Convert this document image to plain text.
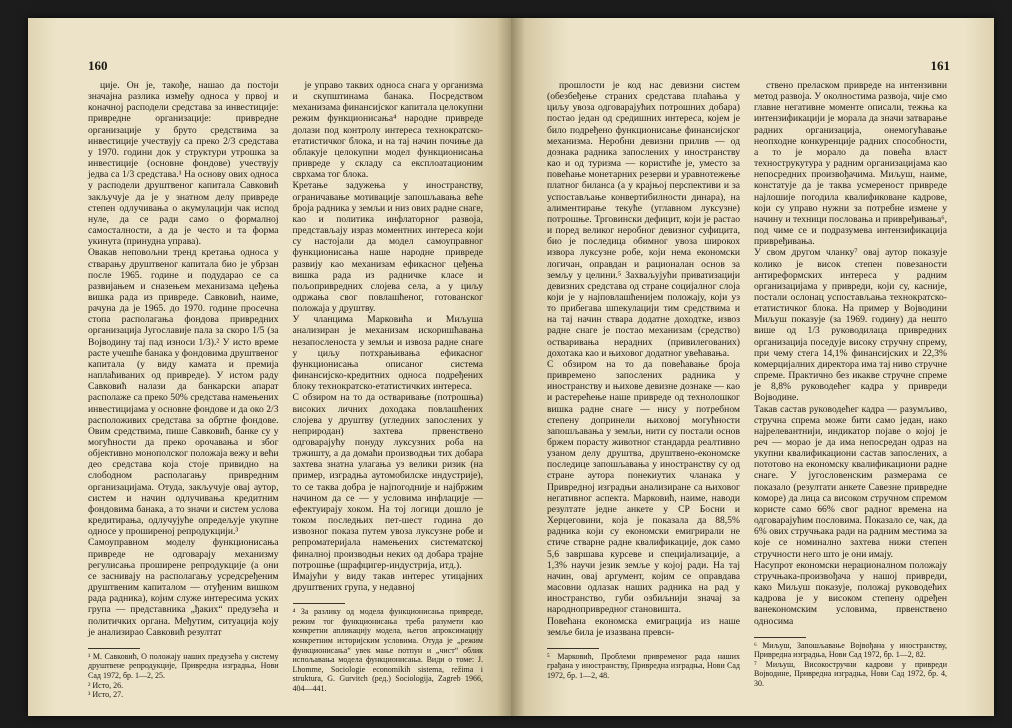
160

ције. Он је, такође, нашао да постоји значајна разлика између односа у првој и коначној расподели средстава за инвестиције: привредне организације: привредне организације у бруто средствима за инвестиције учествују са преко 2/3 средстава у 1970. години док у структури утрошка за инвестиције (основне фондове) учествују једва са 1/3 средстава.¹ На основу ових односа у расподели друштвеног капитала Савковић закључује да је у знатном делу привреде степен одлучивања о акумулацији чак испод нуле, да се ради само о формалној самосталности, а да је често и та форма укинута (принудна управа).
Овакав неповољни тренд кретања односа у стварању друштвеног капитала био је убрзан после 1965. године и подударао се са развијањем и сназењем механизама цеђења вишка рада из привреде. Савковић, наиме, рачуна да је 1965. до 1970. године просечна стопа располагања фондова привредних организација Југославије пала за скоро 1/5 (за Војводину тај пад износи 1/3).² У исто време расте учешће банака у фондовима друштвеног капитала (у виду камата и премија наплаћиваних од привреде). У истом раду Савковић налази да банкарски апарат располаже са преко 50% средстава намењених инвестицијама у основне фондове и да око 2/3 расположивих средстава за обртне фондове. Овим средствима, пише Савковић, банке су у могућности да преко орочавања и због објективно монополског положаја вежу и већи део средстава која стоје привидно на слободном располагању привредним организацијама. Отуда, закључује овај аутор, систем и начин одлучивања кредитним фондовима банака, а то значи и систем услова кредитирања, одлучујуће опредељује укупне односе у проширеној репродукцији.³
Самоуправном моделу функционисања привреде не одговарају механизму регулисања проширене репродукције (а они се заснивају на располагању усредсређеним друштвеним капиталом — отуђеним вишком рада радника), којим служе интересима уских група — представника „ђаких“ предузећа и политичких органа. Међутим, ситуација коју је анализирао Савковић резултат

¹ М. Савковић, О положају наших предузећа у систему друштвене репродукције, Привредна изградња, Нови Сад 1972, бр. 1—2, 25.

² Исто, 26.

³ Исто, 27.

је управо таквих односа снага у организма и скупштинама банака. Посредством механизама финансијског капитала целокупни режим функционисања⁴ народне привреде долази под контролу интереса технократско-етатистичког блока, и на тај начин почиње да облакује целокупни модел функционисања привреде у складу са експлоатационим сврхама тог блока.
Кретање задужења у иностранству, ограничавање мотивације запошљавања веће броја радника у земљи и низ ових радне снаге, као и политика инфлаторног развоја, представљају израз моментних интереса који су настојали да модел самоуправног функционисања наше народне привреде развију као механизам ефикасног цеђења вишка рада из радничке класе и пољопривредних слојева села, а у циљу одржања свог повлашћеног, готованског положаја у друштву.
У чланцима Марковића и Миљуша анализиран је механизам искоришћавања незапосленоста у земљи и извоза радне снаге у циљу потхрањивања ефикасног функционисања описаног система финансијско-кредитних односа подређених блоку технократско-етатистичких интереса.
С обзиром на то да остваривање (потрошња) високих личних доходака повлашћених слојева у друштву (угледних запослених у неприродан) захтева првенствено одговарајућу понуду луксузних роба на тржишту, а да домаћи производњи тих добара захтева знатна улагања уз велики ризик (на пример, изградња аутомобилске индустрије), то се таква добра је најпогодније и најбржим начином да се — у условима инфлације — ефектуирају хоком. На тој логици дошло је током последњих пет-шест година до извозног показа путем увоза луксузне робе и репроматеријала намењених систематској финалној производњи неких од добара трајне потрошње (шрафцигер-индустрија, итд.).
Имајући у виду такав интерес утицајних друштвених група, у недавној

⁴ За разлику од модела функционисања привреде, режим тог функционисања треба разумети као конкретни апликацију модела, његов апроксимацију конкретним историјским условима. Отуда је „режим функционисања“ увек мање потпун и „чист“ облик испољавања модела функционисања. Види о томе: Ј. Lhomme, Sociologie economikih sistema, režima i struktura, G. Gurvitch (ред.) Sociologija, Zagreb 1966, 404—441.

161

прошлости је код нас девизни систем (обезбеђење страних средстава плаћања у циљу увоза одговарајућих потрошних добара) постао један од средишних интереса, којем је било подређено функционисање финансијског механизма. Неробни девизни прилив — од дознака радника запослених у иностранству као и од туризма — користиће је, уместо за повећање монетарних резерви и уравнотежење платног биланса (а у крајњој перспективи и за успостављање конвертибилности динара), на алиментирање текуће (углавном луксузне) потрошње. Трговински дефицит, који је растао и поред великог неробног девизног суфицита, био је последица обимног увоза широкох извора луксузне робе, који нема економски логичан, оправдан и рационалан основ за земљу у целини.⁵ Захваљујући приватизацији девизних средстава од стране социјалног слоја који је у најповлашћенијем положају, који уз то прибегава шпекулацији тим средствима и на тај начин ствара додатне доходтке, извоз радне снаге је постао механизам (средство) остваривања нерадних (привилегованих) дохотака као и њиховог додатног увећавања.
С обзиром на то да повећавање броја привремено запослених радника у иностранству и њихове девизне дознаке — као и растерећење наше привреде од технолошког вишка радне снаге — нису у потребном степену допринели њиховој могућности запошљавања у земљи, нити су постали основ бржем порасту животног стандарда реалтивно узаном делу друштва, друштвено-економске последице запошљавања у иностранству су од стране аутора понекиутих чланака у Привредној изградњи анализиране са њиховог негативног аспекта. Марковић, наиме, наводи резултате једне анкете у СР Босни и Херцеговини, која је показала да 88,5% радника који су економски емигрирали не стиче стварне радне квалификације, док само 5,6 завршава курсеве и специјализације, а 1,3% научи језик земље у којој ради. На тај начин, овај аргумент, којим се оправдава масовни одлазак наших радника на рад у иностранство, губи озбиљнији значај за народнопривредног становишта.
Повећана економска емиграција из наше земље била је изазвана превсн-

⁵ Марковић, Проблеми привременог рада наших грађана у иностранству, Привредна изградња, Нови Сад 1972, бр. 1—2, 48.

ствено преласком привреде на интензивни метод развоја. У околностима развоја, чије смо главне негативне моменте описали, тежња ка интензификацији је морала да значи затварање радних организација, онемогућавање неопходне конкуренције радних способности, а то је морало да повећа власт технострукутура у радним организацијама као непосредних произвођачима. Миљуш, наиме, констатује да је таква усмереност привреде најлошије погодила квалификоване кадрове, који су управо нужни за потребне измене у начину и техници пословања и привређивања⁶, под чиме се и подразумева интензификација привређивања.
У свом другом чланку⁷ овај аутор показује колико је висок степен повезаности антиреформских интереса у радним организацијама у привреди, који су, касније, постали ослонац успостављања технократско-етатистичког блока. На пример у Војводини Миљуш показује (за 1969. годину) да нешто више од 1/3 руководилаца привредних организација поседује високу стручну спрему, при чему стега 14,1% финансијских и 22,3% комерцијалних директора има тај ниво стручне спреме. Практично без икакве стручне спреме је 8,8% руководећег кадра у привреди Војводине.
Такав састав руководећег кадра — разумљиво, стручна спрема може бити само један, иако најрелевантнији, индикатор појаве о којој је реч — морао је да има непосредан одраз на укупни квалификациони састав запослених, а пототово на економску квалификациони радне снаге. У југословенским размерама се показало (резултати анкете Савезне привредне коморе) да лица са високом стручном спремом користе само 66% свог радног времена на одговарајућим пословима. Показало се, чак, да 6% ових стручњака ради на радним местима за које се номинално захтева нижи степен стручности него што је они имају.
Насупрот економски нерационалном положају стручњака-произвођача у нашој привреди, како Миљуш показује, положај руководећих кадрова је у високом степену одређен ванекономским условима, првенствено односима

⁶ Миљуш, Запошљавање Војвођана у иностранству, Привредна изградња, Нови Сад 1972, бр. 1—2, 82.

⁷ Миљуш, Високостручни кадрови у привреди Војводине, Привредна изградња, Нови Сад 1972, бр. 4, 30.
